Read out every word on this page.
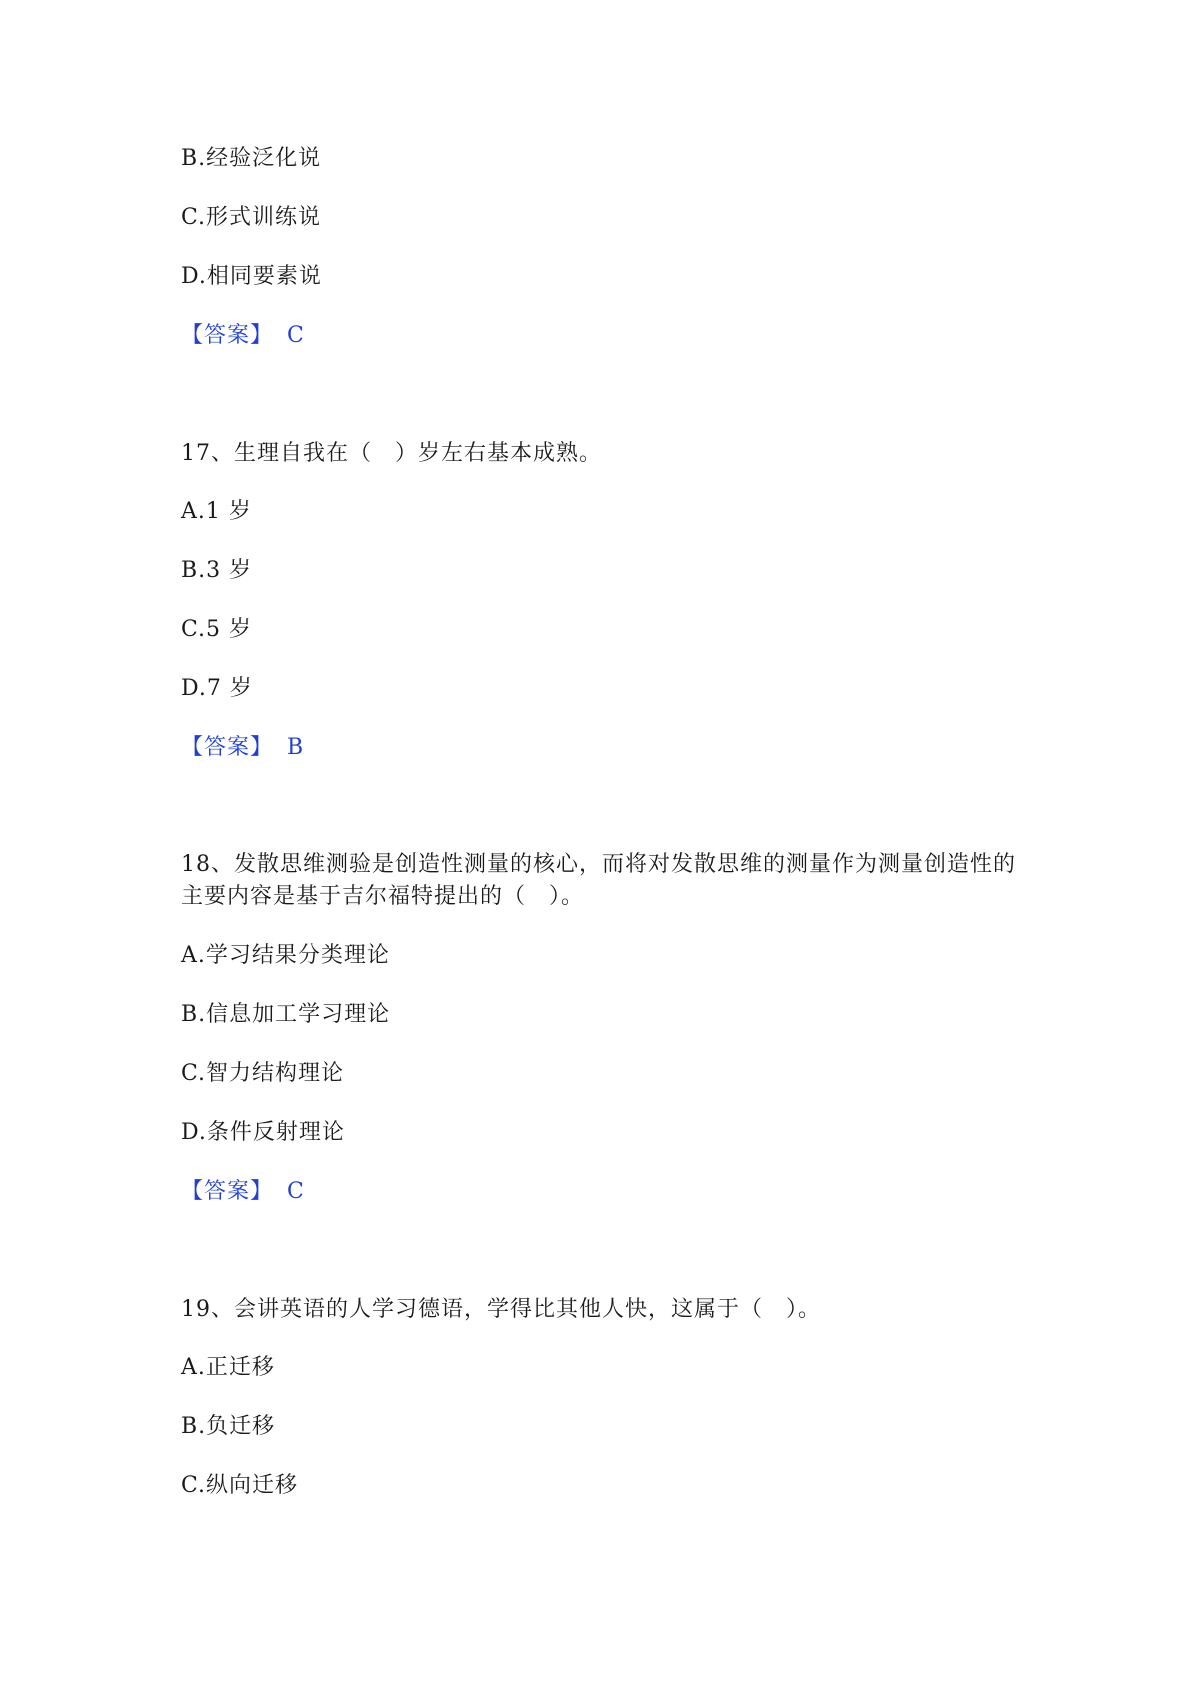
B.经验泛化说
C.形式训练说
D.相同要素说
【答案】 C
17、生理自我在（　）岁左右基本成熟。
A.1 岁
B.3 岁
C.5 岁
D.7 岁
【答案】 B
18、发散思维测验是创造性测量的核心，而将对发散思维的测量作为测量创造性的主要内容是基于吉尔福特提出的（　）。
A.学习结果分类理论
B.信息加工学习理论
C.智力结构理论
D.条件反射理论
【答案】 C
19、会讲英语的人学习德语，学得比其他人快，这属于（　）。
A.正迁移
B.负迁移
C.纵向迁移
